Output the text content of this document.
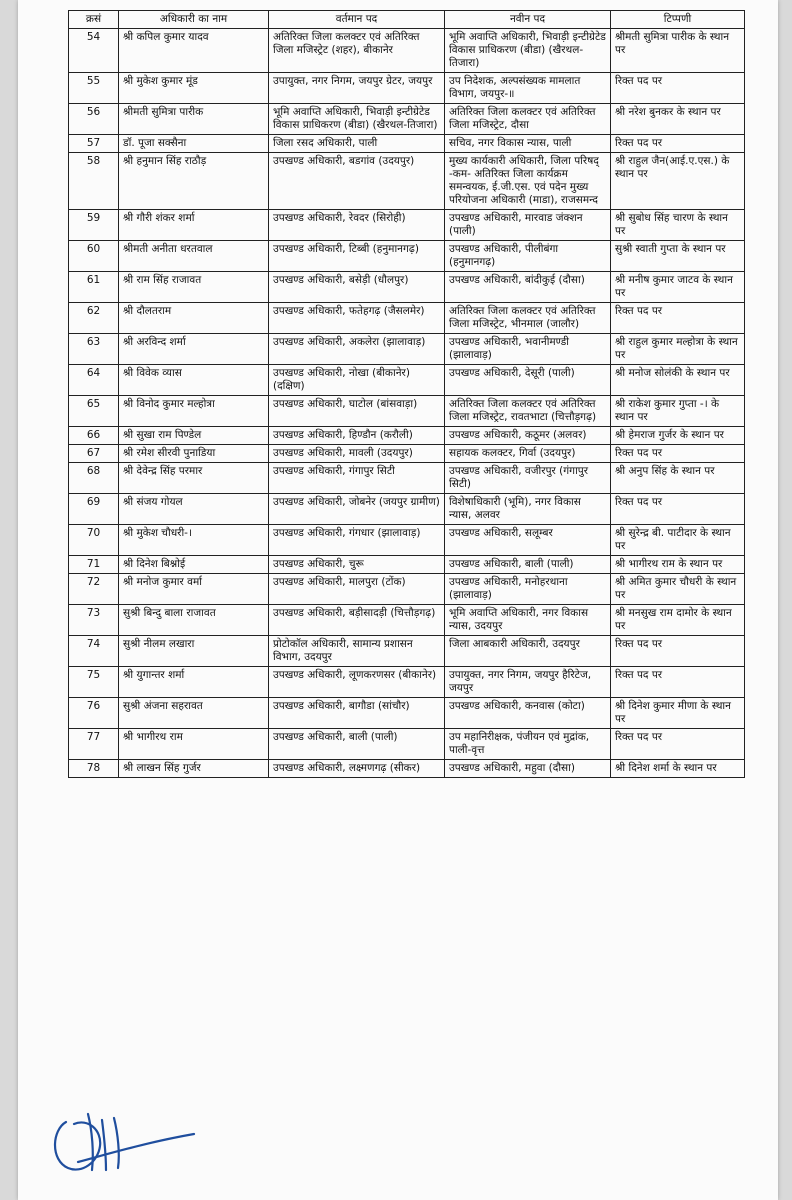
क्रसं	अधिकारी का नाम	वर्तमान पद	नवीन पद	टिप्पणी
54	श्री कपिल कुमार यादव	अतिरिक्त जिला कलक्टर एवं अतिरिक्त जिला मजिस्ट्रेट (शहर), बीकानेर	भूमि अवाप्ति अधिकारी, भिवाड़ी इन्टीग्रेटेड विकास प्राधिकरण (बीडा) (खैरथल-तिजारा)	श्रीमती सुमित्रा पारीक के स्थान पर
55	श्री मुकेश कुमार मूंड	उपायुक्त, नगर निगम, जयपुर ग्रेटर, जयपुर	उप निदेशक, अल्पसंख्यक मामलात विभाग, जयपुर-॥	रिक्त पद पर
56	श्रीमती सुमित्रा पारीक	भूमि अवाप्ति अधिकारी, भिवाड़ी इन्टीग्रेटेड विकास प्राधिकरण (बीडा) (खैरथल-तिजारा)	अतिरिक्त जिला कलक्टर एवं अतिरिक्त जिला मजिस्ट्रेट, दौसा	श्री नरेश बुनकर के स्थान पर
57	डॉ. पूजा सक्सैना	जिला रसद अधिकारी, पाली	सचिव, नगर विकास न्यास, पाली	रिक्त पद पर
58	श्री हनुमान सिंह राठौड़	उपखण्ड अधिकारी, बडगांव (उदयपुर)	मुख्य कार्यकारी अधिकारी, जिला परिषद् -कम- अतिरिक्त जिला कार्यक्रम समन्वयक, ई.जी.एस. एवं पदेन मुख्य परियोजना अधिकारी (माडा), राजसमन्द	श्री राहुल जैन(आई.ए.एस.) के स्थान पर
59	श्री गौरी शंकर शर्मा	उपखण्ड अधिकारी, रेवदर (सिरोही)	उपखण्ड अधिकारी, मारवाड जंक्शन (पाली)	श्री सुबोध सिंह चारण के स्थान पर
60	श्रीमती अनीता धरतवाल	उपखण्ड अधिकारी, टिब्बी (हनुमानगढ़)	उपखण्ड अधिकारी, पीलीबंगा (हनुमानगढ़)	सुश्री स्वाती गुप्ता के स्थान पर
61	श्री राम सिंह राजावत	उपखण्ड अधिकारी, बसेड़ी (धौलपुर)	उपखण्ड अधिकारी, बांदीकुई (दौसा)	श्री मनीष कुमार जाटव के स्थान पर
62	श्री दौलतराम	उपखण्ड अधिकारी, फतेहगढ़ (जैसलमेर)	अतिरिक्त जिला कलक्टर एवं अतिरिक्त जिला मजिस्ट्रेट, भीनमाल (जालौर)	रिक्त पद पर
63	श्री अरविन्द शर्मा	उपखण्ड अधिकारी, अकलेरा (झालावाड़)	उपखण्ड अधिकारी, भवानीमण्डी (झालावाड़)	श्री राहुल कुमार मल्होत्रा के स्थान पर
64	श्री विवेक व्यास	उपखण्ड अधिकारी, नोखा (बीकानेर) (दक्षिण)	उपखण्ड अधिकारी, देसूरी (पाली)	श्री मनोज सोलंकी के स्थान पर
65	श्री विनोद कुमार मल्होत्रा	उपखण्ड अधिकारी, घाटोल (बांसवाड़ा)	अतिरिक्त जिला कलक्टर एवं अतिरिक्त जिला मजिस्ट्रेट, रावतभाटा (चित्तौड़गढ़)	श्री राकेश कुमार गुप्ता -। के स्थान पर
66	श्री सुखा राम पिण्डेल	उपखण्ड अधिकारी, हिण्डौन (करौली)	उपखण्ड अधिकारी, कठूमर (अलवर)	श्री हेमराज गुर्जर के स्थान पर
67	श्री रमेश सीरवी पुनाडिया	उपखण्ड अधिकारी, मावली (उदयपुर)	सहायक कलक्टर, गिर्वा (उदयपुर)	रिक्त पद पर
68	श्री देवेन्द्र सिंह परमार	उपखण्ड अधिकारी, गंगापुर सिटी	उपखण्ड अधिकारी, वजीरपुर (गंगापुर सिटी)	श्री अनुप सिंह के स्थान पर
69	श्री संजय गोयल	उपखण्ड अधिकारी, जोबनेर (जयपुर ग्रामीण)	विशेषाधिकारी (भूमि), नगर विकास न्यास, अलवर	रिक्त पद पर
70	श्री मुकेश चौधरी-।	उपखण्ड अधिकारी, गंगधार (झालावाड़)	उपखण्ड अधिकारी, सलूम्बर	श्री सुरेन्द्र बी. पाटीदार के स्थान पर
71	श्री दिनेश बिश्नोई	उपखण्ड अधिकारी, चुरू	उपखण्ड अधिकारी, बाली (पाली)	श्री भागीरथ राम के स्थान पर
72	श्री मनोज कुमार वर्मा	उपखण्ड अधिकारी, मालपुरा (टोंक)	उपखण्ड अधिकारी, मनोहरथाना (झालावाड़)	श्री अमित कुमार चौधरी के स्थान पर
73	सुश्री बिन्दु बाला राजावत	उपखण्ड अधिकारी, बड़ीसादड़ी (चित्तौड़गढ़)	भूमि अवाप्ति अधिकारी, नगर विकास न्यास, उदयपुर	श्री मनसुख राम दामोर के स्थान पर
74	सुश्री नीलम लखारा	प्रोटोकॉल अधिकारी, सामान्य प्रशासन विभाग, उदयपुर	जिला आबकारी अधिकारी, उदयपुर	रिक्त पद पर
75	श्री युगान्तर शर्मा	उपखण्ड अधिकारी, लूणकरणसर (बीकानेर)	उपायुक्त, नगर निगम, जयपुर हैरिटेज, जयपुर	रिक्त पद पर
76	सुश्री अंजना सहरावत	उपखण्ड अधिकारी, बागौडा (सांचौर)	उपखण्ड अधिकारी, कनवास (कोटा)	श्री दिनेश कुमार मीणा के स्थान पर
77	श्री भागीरथ राम	उपखण्ड अधिकारी, बाली (पाली)	उप महानिरीक्षक, पंजीयन एवं मुद्रांक, पाली-वृत्त	रिक्त पद पर
78	श्री लाखन सिंह गुर्जर	उपखण्ड अधिकारी, लक्ष्मणगढ़ (सीकर)	उपखण्ड अधिकारी, महुवा (दौसा)	श्री दिनेश शर्मा के स्थान पर
